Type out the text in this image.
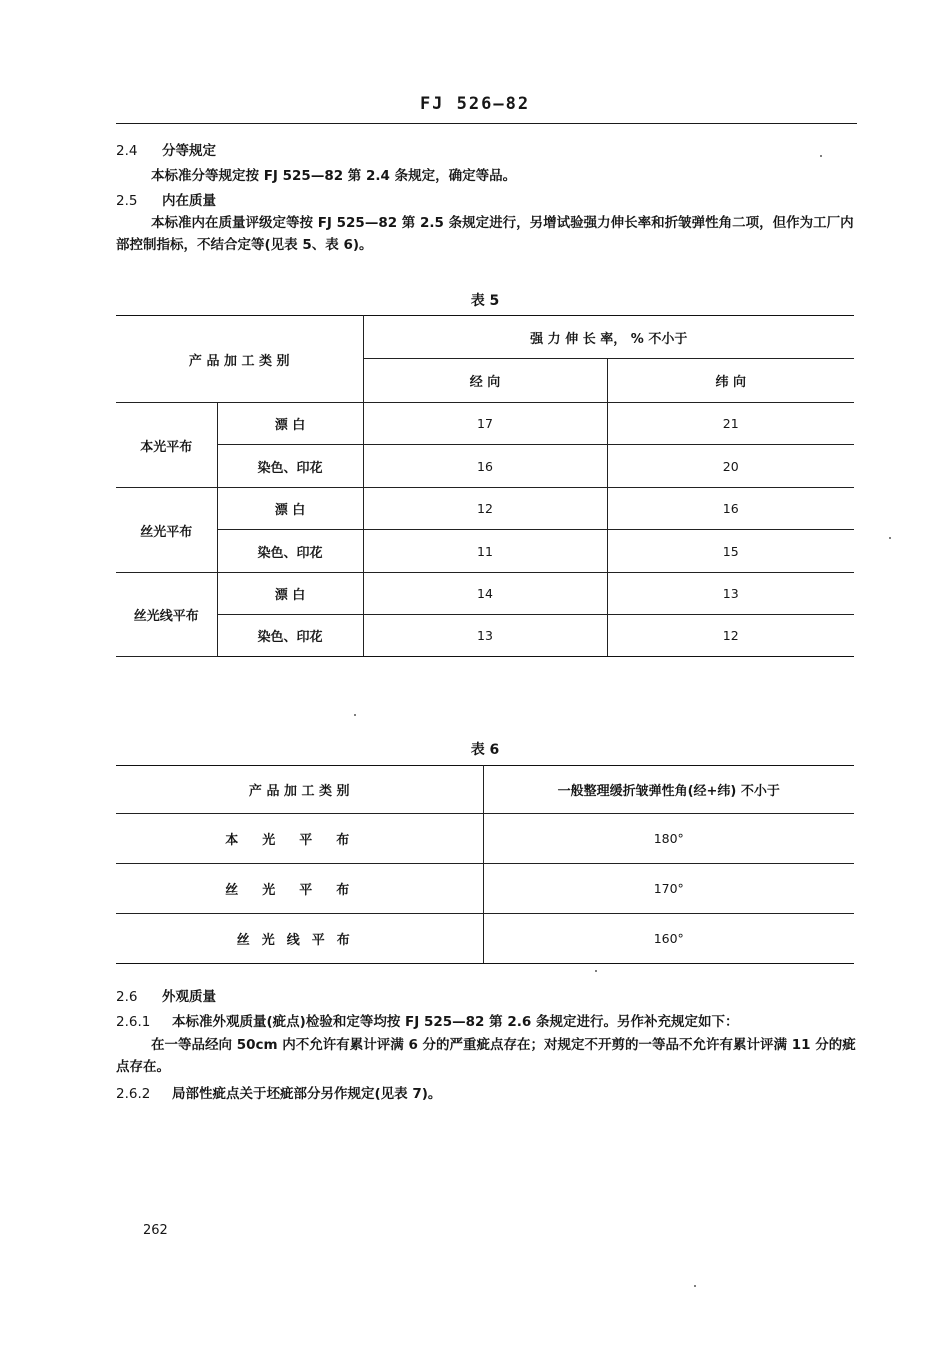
FJ 526—82
2.4 分等规定
本标准分等规定按 FJ 525—82 第 2.4 条规定，确定等品。
2.5 内在质量
本标准内在质量评级定等按 FJ 525—82 第 2.5 条规定进行，另增试验强力伸长率和折皱弹性角二项，但作为工厂内部控制指标，不结合定等(见表 5、表 6)。
表 5
产 品 加 工 类 别		强 力 伸 长 率， % 不小于	
		经 向	纬 向
本光平布	漂 白	17	21
	染色、印花	16	20
丝光平布	漂 白	12	16
	染色、印花	11	15
丝光线平布	漂 白	14	13
	染色、印花	13	12
表 6
产 品 加 工 类 别	一般整理缓折皱弹性角(经+纬) 不小于
本光平布	180°
丝光平布	170°
丝光线平布	160°
2.6 外观质量
2.6.1 本标准外观质量(疵点)检验和定等均按 FJ 525—82 第 2.6 条规定进行。另作补充规定如下：
在一等品经向 50cm 内不允许有累计评满 6 分的严重疵点存在；对规定不开剪的一等品不允许有累计评满 11 分的疵点存在。
2.6.2 局部性疵点关于坯疵部分另作规定(见表 7)。
262
